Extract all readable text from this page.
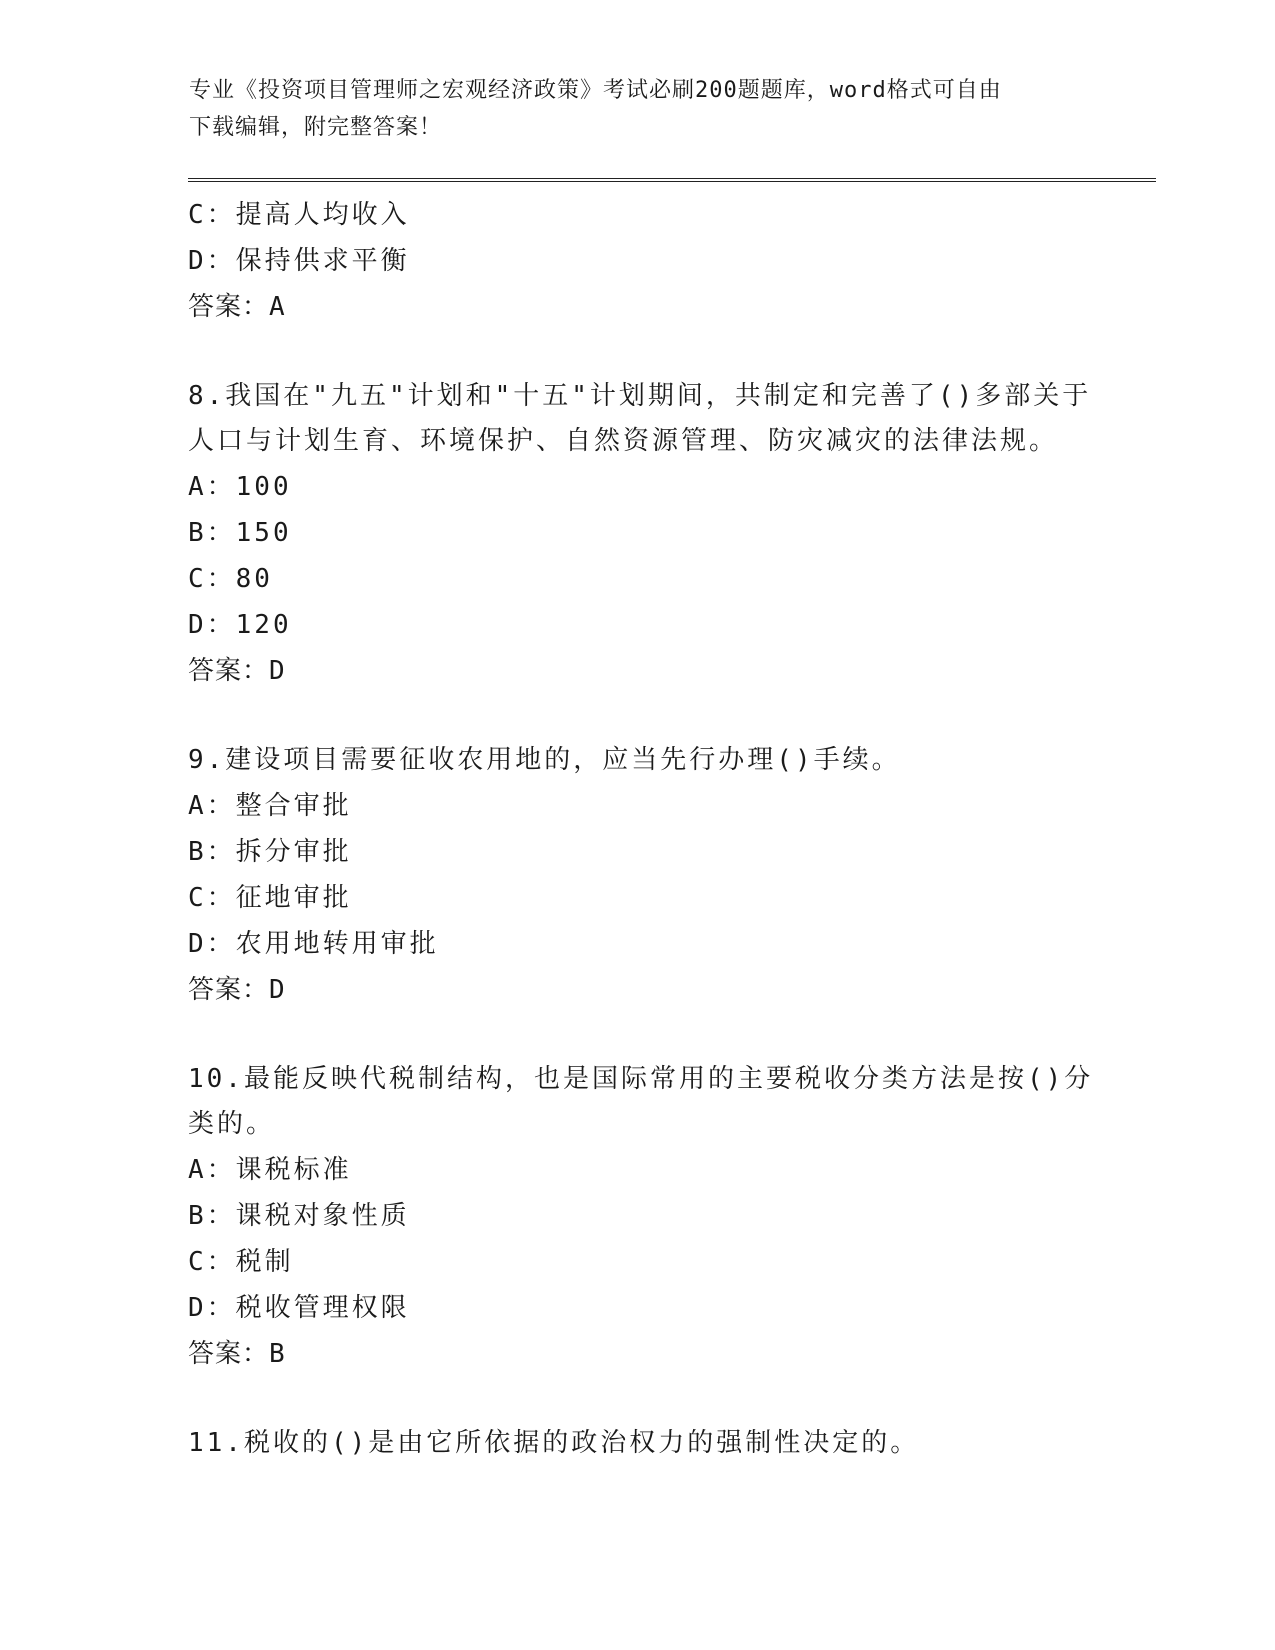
专业《投资项目管理师之宏观经济政策》考试必刷200题题库，word格式可自由
下载编辑，附完整答案！
C：提高人均收入
D：保持供求平衡
答案：A
8.我国在"九五"计划和"十五"计划期间，共制定和完善了()多部关于
人口与计划生育、环境保护、自然资源管理、防灾减灾的法律法规。
A：100
B：150
C：80
D：120
答案：D
9.建设项目需要征收农用地的，应当先行办理()手续。
A：整合审批
B：拆分审批
C：征地审批
D：农用地转用审批
答案：D
10.最能反映代税制结构，也是国际常用的主要税收分类方法是按()分
类的。
A：课税标准
B：课税对象性质
C：税制
D：税收管理权限
答案：B
11.税收的()是由它所依据的政治权力的强制性决定的。
